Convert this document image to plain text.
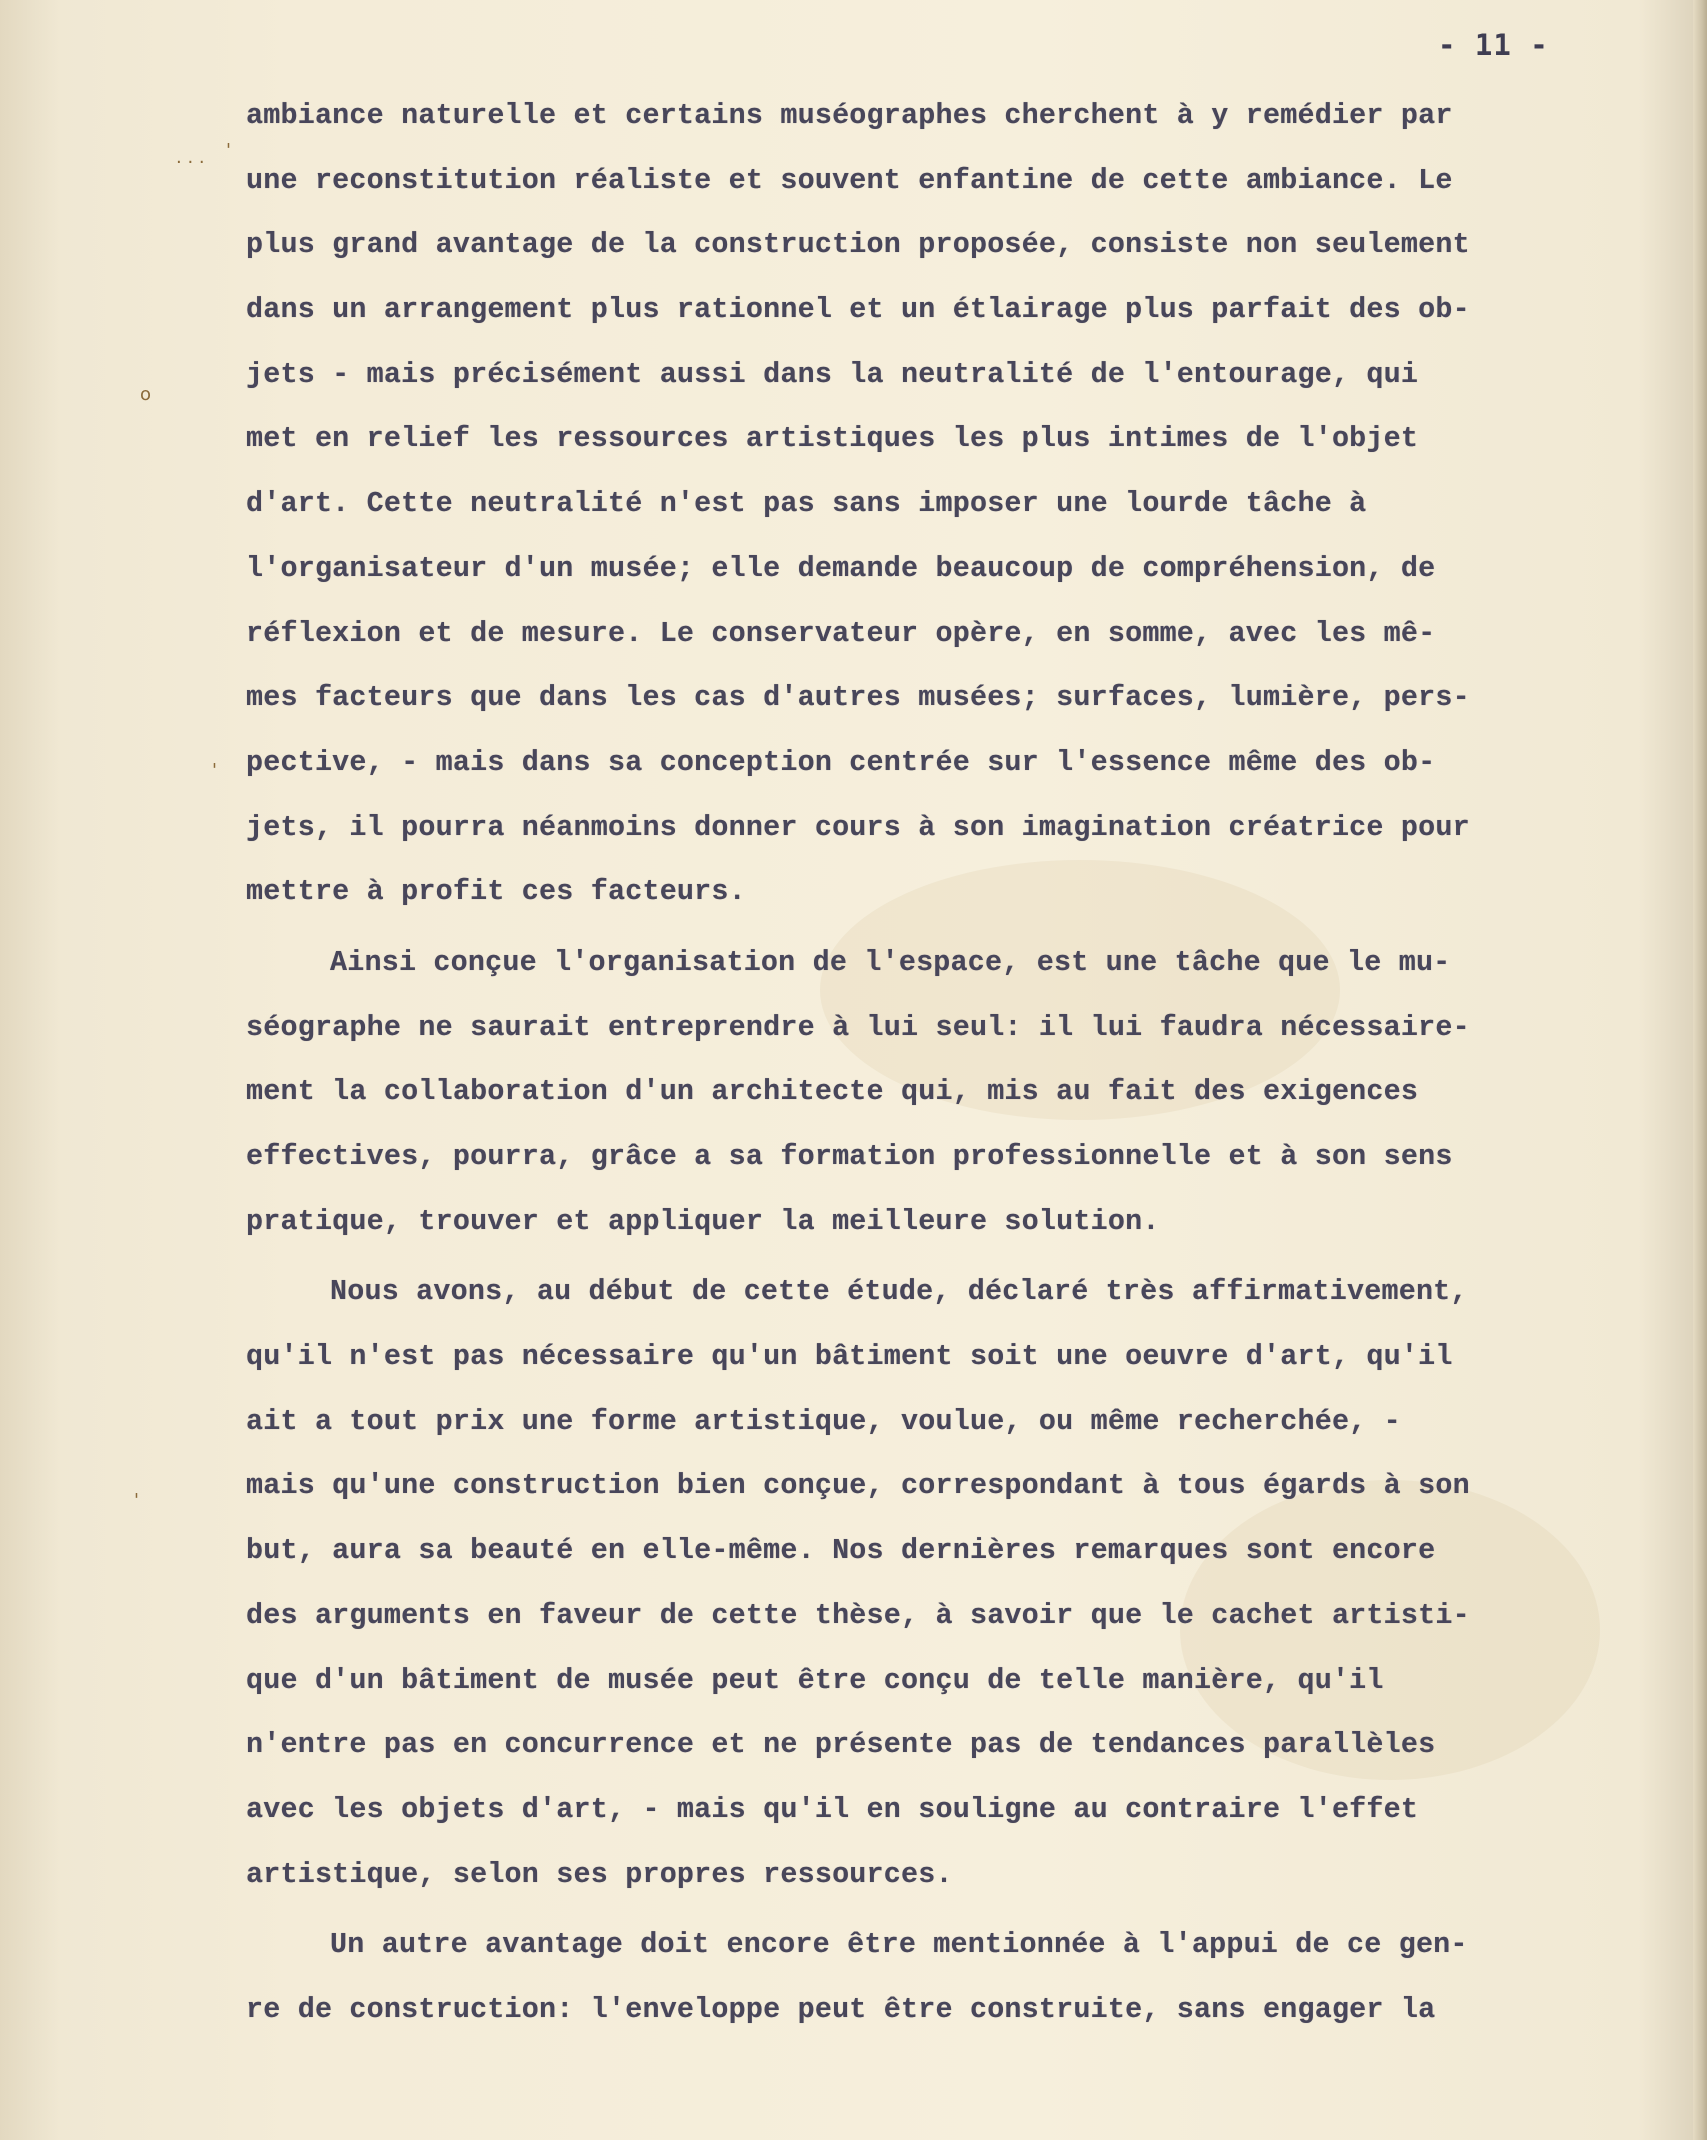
o
· · ·
'
'
'
- 11 -
ambiance naturelle et certains muséographes cherchent à y remédier par
une reconstitution réaliste et souvent enfantine de cette ambiance. Le
plus grand avantage de la construction proposée, consiste non seulement
dans un arrangement plus rationnel et un étlairage plus parfait des ob-
jets - mais précisément aussi dans la neutralité de l'entourage, qui
met en relief les ressources artistiques les plus intimes de l'objet
d'art. Cette neutralité n'est pas sans imposer une lourde tâche à
l'organisateur d'un musée; elle demande beaucoup de compréhension, de
réflexion et de mesure. Le conservateur opère, en somme, avec les mê-
mes facteurs que dans les cas d'autres musées; surfaces, lumière, pers-
pective, - mais dans sa conception centrée sur l'essence même des ob-
jets, il pourra néanmoins donner cours à son imagination créatrice pour
mettre à profit ces facteurs.
Ainsi conçue l'organisation de l'espace, est une tâche que le mu-
séographe ne saurait entreprendre à lui seul: il lui faudra nécessaire-
ment la collaboration d'un architecte qui, mis au fait des exigences
effectives, pourra, grâce a sa formation professionnelle et à son sens
pratique, trouver et appliquer la meilleure solution.
Nous avons, au début de cette étude, déclaré très affirmativement,
qu'il n'est pas nécessaire qu'un bâtiment soit une oeuvre d'art, qu'il
ait a tout prix une forme artistique, voulue, ou même recherchée, -
mais qu'une construction bien conçue, correspondant à tous égards à son
but, aura sa beauté en elle-même. Nos dernières remarques sont encore
des arguments en faveur de cette thèse, à savoir que le cachet artisti-
que d'un bâtiment de musée peut être conçu de telle manière, qu'il
n'entre pas en concurrence et ne présente pas de tendances parallèles
avec les objets d'art, - mais qu'il en souligne au contraire l'effet
artistique, selon ses propres ressources.
Un autre avantage doit encore être mentionnée à l'appui de ce gen-
re de construction: l'enveloppe peut être construite, sans engager la
